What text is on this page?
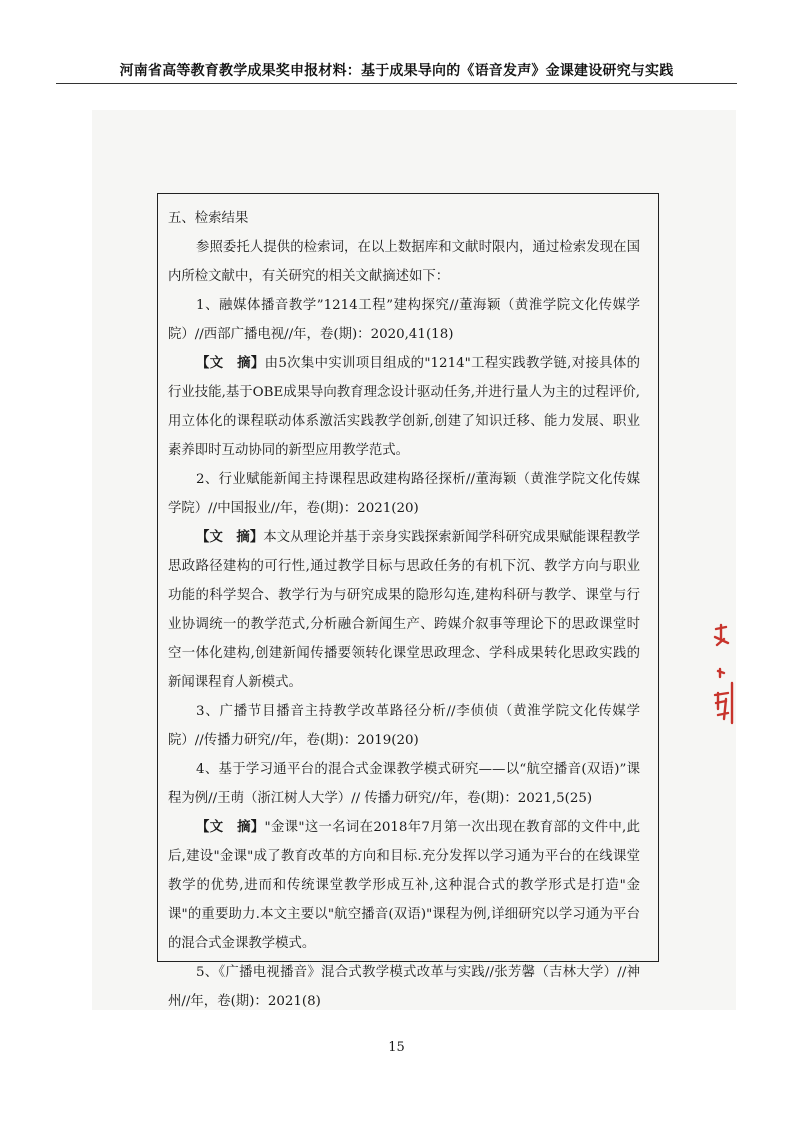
河南省高等教育教学成果奖申报材料：基于成果导向的《语音发声》金课建设研究与实践

五、检索结果

参照委托人提供的检索词，在以上数据库和文献时限内，通过检索发现在国内所检文献中，有关研究的相关文献摘述如下：

1、融媒体播音教学”1214工程”建构探究//董海颖（黄淮学院文化传媒学院）//西部广播电视//年，卷(期)：2020,41(18)

【文　摘】由5次集中实训项目组成的"1214"工程实践教学链,对接具体的行业技能,基于OBE成果导向教育理念设计驱动任务,并进行量人为主的过程评价,用立体化的课程联动体系激活实践教学创新,创建了知识迁移、能力发展、职业素养即时互动协同的新型应用教学范式。

2、行业赋能新闻主持课程思政建构路径探析//董海颖（黄淮学院文化传媒学院）//中国报业//年，卷(期)：2021(20)

【文　摘】本文从理论并基于亲身实践探索新闻学科研究成果赋能课程教学思政路径建构的可行性,通过教学目标与思政任务的有机下沉、教学方向与职业功能的科学契合、教学行为与研究成果的隐形勾连,建构科研与教学、课堂与行业协调统一的教学范式,分析融合新闻生产、跨媒介叙事等理论下的思政课堂时空一体化建构,创建新闻传播要领转化课堂思政理念、学科成果转化思政实践的新闻课程育人新模式。

3、广播节目播音主持教学改革路径分析//李侦侦（黄淮学院文化传媒学院）//传播力研究//年，卷(期)：2019(20)

4、基于学习通平台的混合式金课教学模式研究——以“航空播音(双语)”课程为例//王萌（浙江树人大学）// 传播力研究//年，卷(期)：2021,5(25)

【文　摘】"金课"这一名词在2018年7月第一次出现在教育部的文件中,此后,建设"金课"成了教育改革的方向和目标.充分发挥以学习通为平台的在线课堂教学的优势,进而和传统课堂教学形成互补,这种混合式的教学形式是打造"金课"的重要助力.本文主要以"航空播音(双语)"课程为例,详细研究以学习通为平台的混合式金课教学模式。

5、《广播电视播音》混合式教学模式改革与实践//张芳馨（吉林大学）//神州//年，卷(期)：2021(8)

15
